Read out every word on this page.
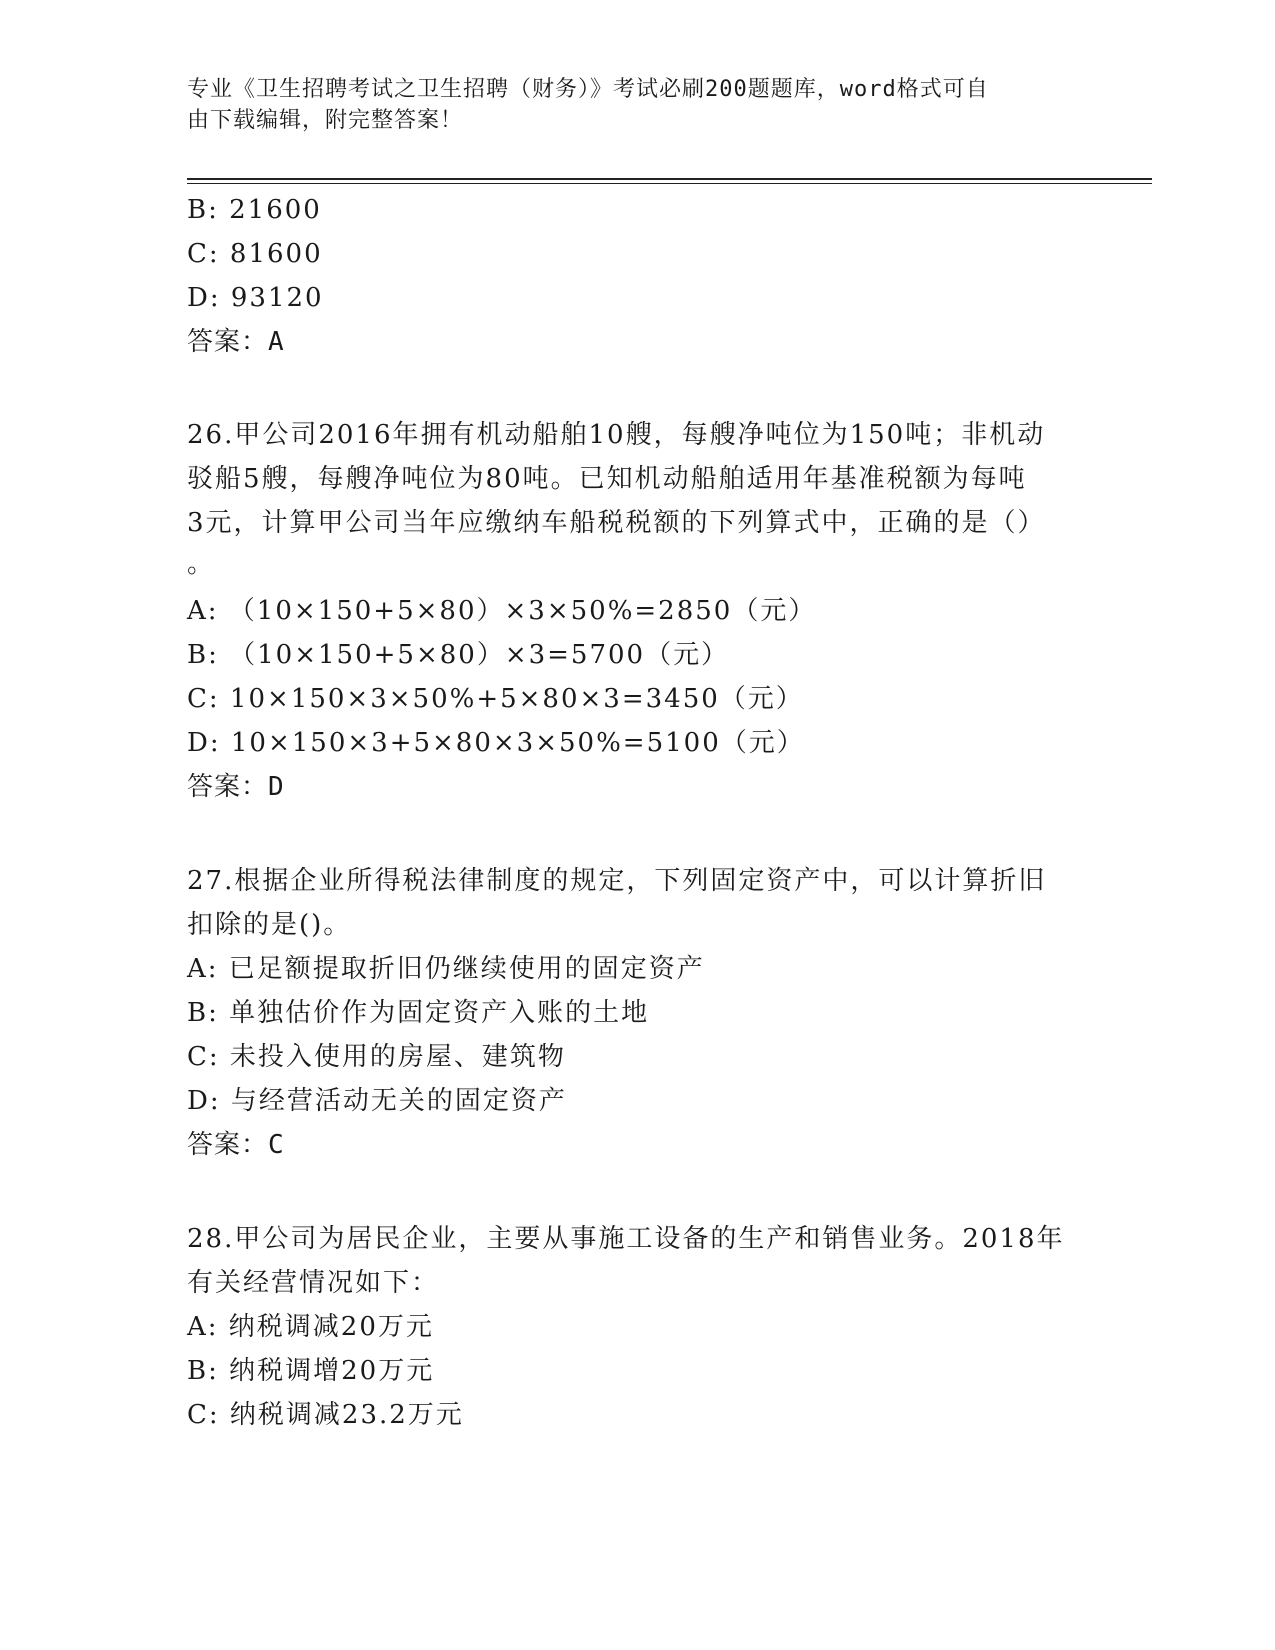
专业《卫生招聘考试之卫生招聘（财务）》考试必刷200题题库，word格式可自
由下载编辑，附完整答案！
B: 21600
C: 81600
D: 93120
答案：A
26.甲公司2016年拥有机动船舶10艘，每艘净吨位为150吨；非机动
驳船5艘，每艘净吨位为80吨。已知机动船舶适用年基准税额为每吨
3元，计算甲公司当年应缴纳车船税税额的下列算式中，正确的是（）
。
A: （10×150+5×80）×3×50%=2850（元）
B: （10×150+5×80）×3=5700（元）
C: 10×150×3×50%+5×80×3=3450（元）
D: 10×150×3+5×80×3×50%=5100（元）
答案：D
27.根据企业所得税法律制度的规定，下列固定资产中，可以计算折旧
扣除的是()。
A: 已足额提取折旧仍继续使用的固定资产
B: 单独估价作为固定资产入账的土地
C: 未投入使用的房屋、建筑物
D: 与经营活动无关的固定资产
答案：C
28.甲公司为居民企业，主要从事施工设备的生产和销售业务。2018年
有关经营情况如下：
A: 纳税调减20万元
B: 纳税调增20万元
C: 纳税调减23.2万元
